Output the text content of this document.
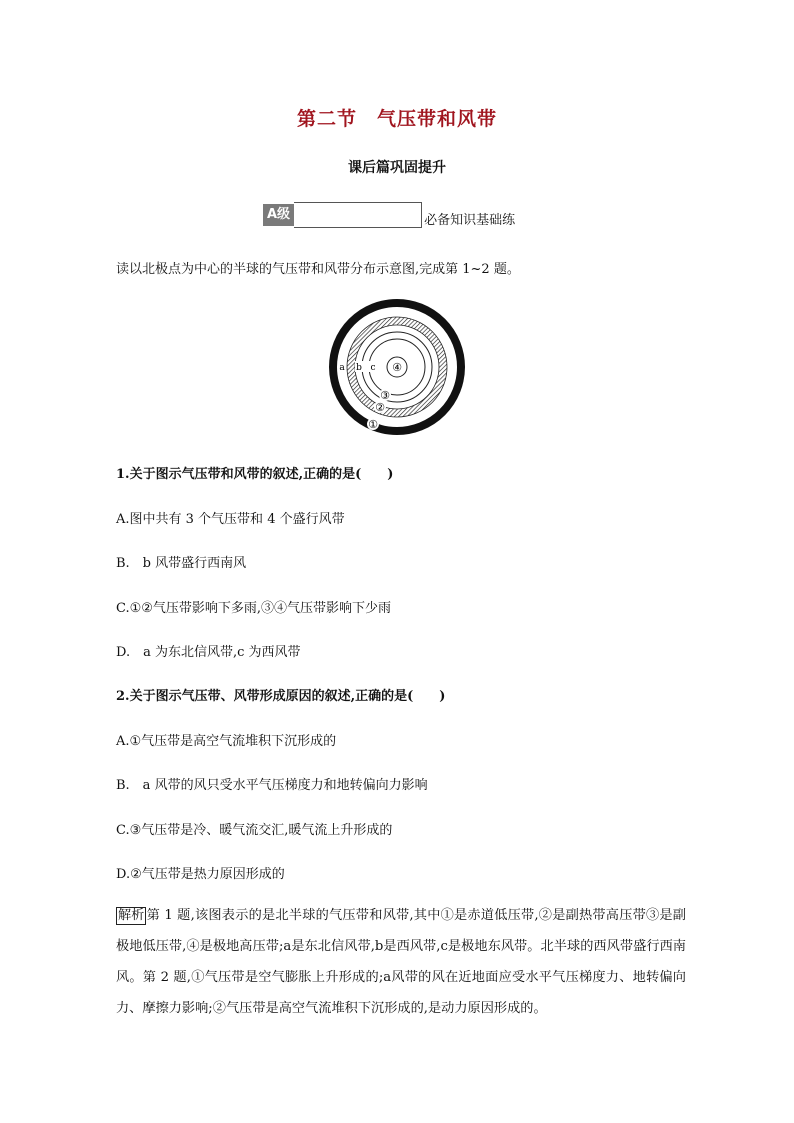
第二节　气压带和风带
课后篇巩固提升
A级	必备知识基础练
读以北极点为中心的半球的气压带和风带分布示意图,完成第 1~2 题。
a b c ④
③
②
①
1.关于图示气压带和风带的叙述,正确的是(　　)
A.图中共有 3 个气压带和 4 个盛行风带
B.　b 风带盛行西南风
C.①②气压带影响下多雨,③④气压带影响下少雨
D.　a 为东北信风带,c 为西风带
2.关于图示气压带、风带形成原因的叙述,正确的是(　　)
A.①气压带是高空气流堆积下沉形成的
B.　a 风带的风只受水平气压梯度力和地转偏向力影响
C.③气压带是冷、暖气流交汇,暖气流上升形成的
D.②气压带是热力原因形成的
解析 第 1 题,该图表示的是北半球的气压带和风带,其中①是赤道低压带,②是副热带高压带③是副极地低压带,④是极地高压带;a是东北信风带,b是西风带,c是极地东风带。北半球的西风带盛行西南风。第 2 题,①气压带是空气膨胀上升形成的;a风带的风在近地面应受水平气压梯度力、地转偏向力、摩擦力影响;②气压带是高空气流堆积下沉形成的,是动力原因形成的。
